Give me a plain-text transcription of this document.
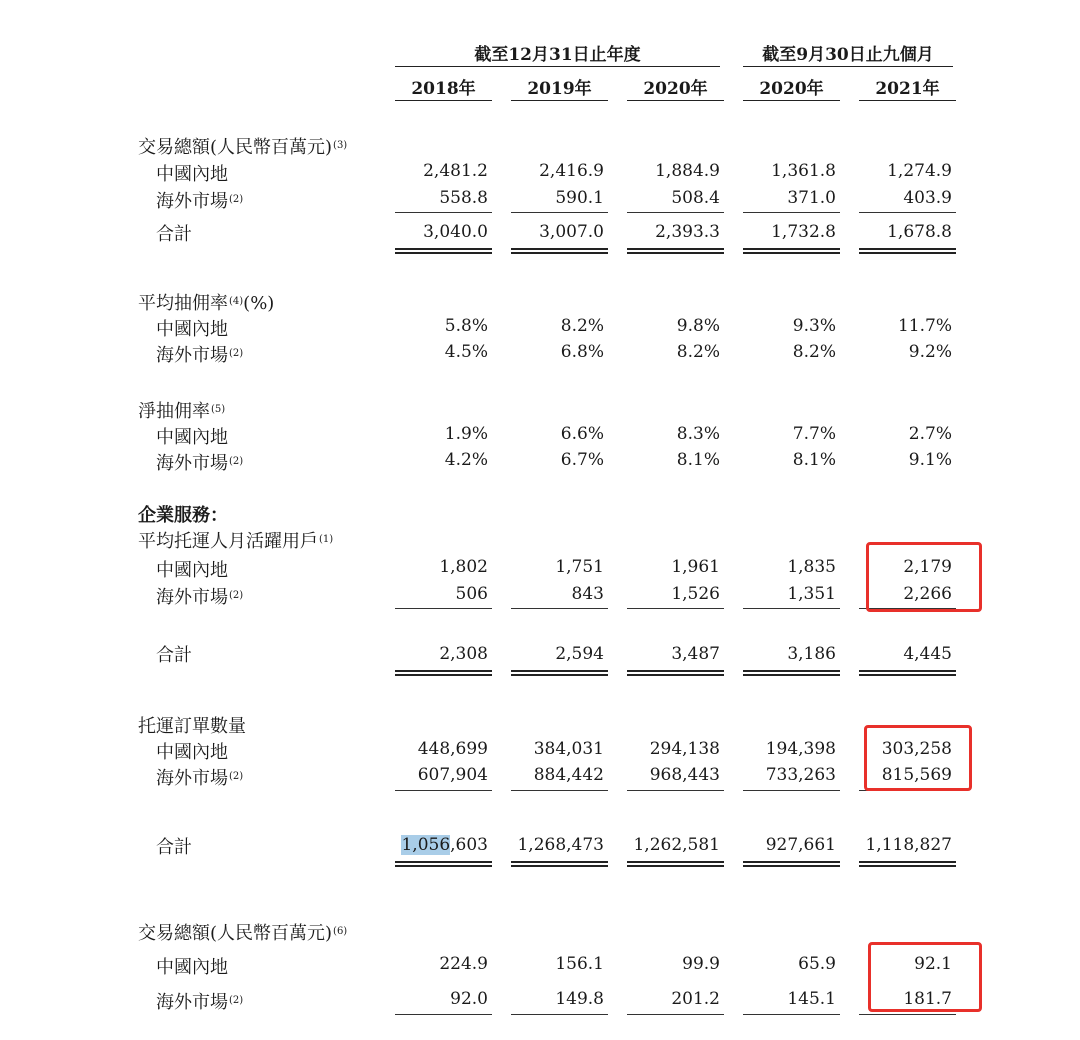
截至12月31日止年度	截至9月30日止九個月
2018年	2019年	2020年	2020年	2021年
交易總額(人民幣百萬元)$^{(3)}$
中國內地	2,481.2	2,416.9	1,884.9	1,361.8	1,274.9
海外市場$^{(2)}$	558.8	590.1	508.4	371.0	403.9
合計	3,040.0	3,007.0	2,393.3	1,732.8	1,678.8
平均抽佣率$^{(4)}$(%)
中國內地	5.8%	8.2%	9.8%	9.3%	11.7%
海外市場$^{(2)}$	4.5%	6.8%	8.2%	8.2%	9.2%
淨抽佣率$^{(5)}$
中國內地	1.9%	6.6%	8.3%	7.7%	2.7%
海外市場$^{(2)}$	4.2%	6.7%	8.1%	8.1%	9.1%
企業服務：
平均托運人月活躍用戶$^{(1)}$
中國內地	1,802	1,751	1,961	1,835	2,179
海外市場$^{(2)}$	506	843	1,526	1,351	2,266
合計	2,308	2,594	3,487	3,186	4,445
托運訂單數量
中國內地	448,699	384,031	294,138	194,398	303,258
海外市場$^{(2)}$	607,904	884,442	968,443	733,263	815,569
合計	1,056,603	1,268,473	1,262,581	927,661	1,118,827
交易總額(人民幣百萬元)$^{(6)}$
中國內地	224.9	156.1	99.9	65.9	92.1
海外市場$^{(2)}$	92.0	149.8	201.2	145.1	181.7
